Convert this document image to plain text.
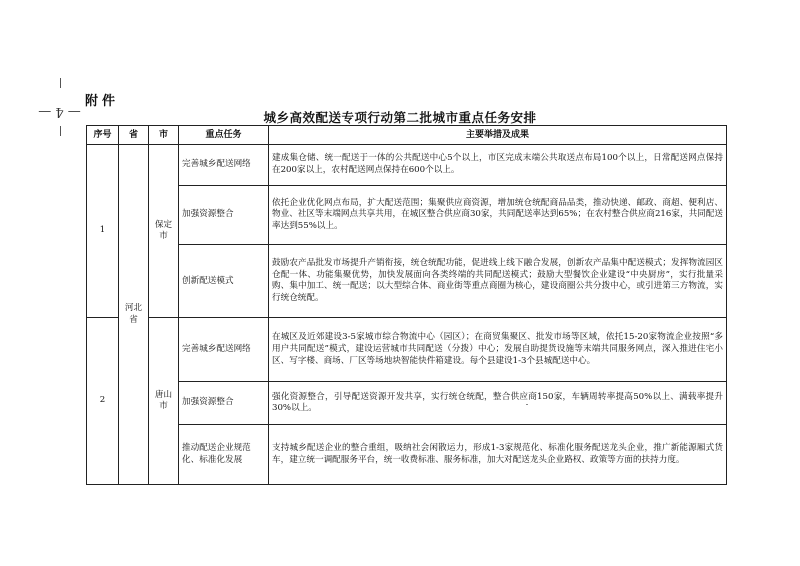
— 4 —
附件
城乡高效配送专项行动第二批城市重点任务安排
序号	省	市	重点任务	主要举措及成果
1	河北省	保定市	完善城乡配送网络	建成集仓储、统一配送于一体的公共配送中心5个以上，市区完成末端公共取送点布局100个以上，日常配送网点保持在200家以上，农村配送网点保持在600个以上。
			加强资源整合	依托企业优化网点布局，扩大配送范围；集聚供应商资源，增加统仓统配商品品类，推动快递、邮政、商超、便利店、物业、社区等末端网点共享共用，在城区整合供应商30家，共同配送率达到65%；在农村整合供应商216家，共同配送率达到55%以上。
			创新配送模式	鼓励农产品批发市场提升产销衔接，统仓统配功能，促进线上线下融合发展，创新农产品集中配送模式；发挥物流园区仓配一体、功能集聚优势，加快发展面向各类终端的共同配送模式；鼓励大型餐饮企业建设“中央厨房”，实行批量采购、集中加工、统一配送；以大型综合体、商业街等重点商圈为核心，建设商圈公共分拨中心，或引进第三方物流，实行统仓统配。
2		唐山市	完善城乡配送网络	在城区及近郊建设3-5家城市综合物流中心（园区）；在商贸集聚区、批发市场等区域，依托15-20家物流企业按照“多用户共同配送”模式，建设运营城市共同配送（分拨）中心；发展自助提货设施等末端共同服务网点，深入推进住宅小区、写字楼、商场、厂区等场地块智能快件箱建设。每个县建设1-3个县城配送中心。
			加强资源整合	强化资源整合，引导配送资源开发共享，实行统仓统配，整合供应商150家，车辆周转率提高50%以上、满载率提升30%以上。
			推动配送企业规范化、标准化发展	支持城乡配送企业的整合重组，吸纳社会闲散运力，形成1-3家规范化、标准化服务配送龙头企业，推广新能源厢式货车，建立统一调配服务平台，统一收费标准、服务标准，加大对配送龙头企业路权、政策等方面的扶持力度。
